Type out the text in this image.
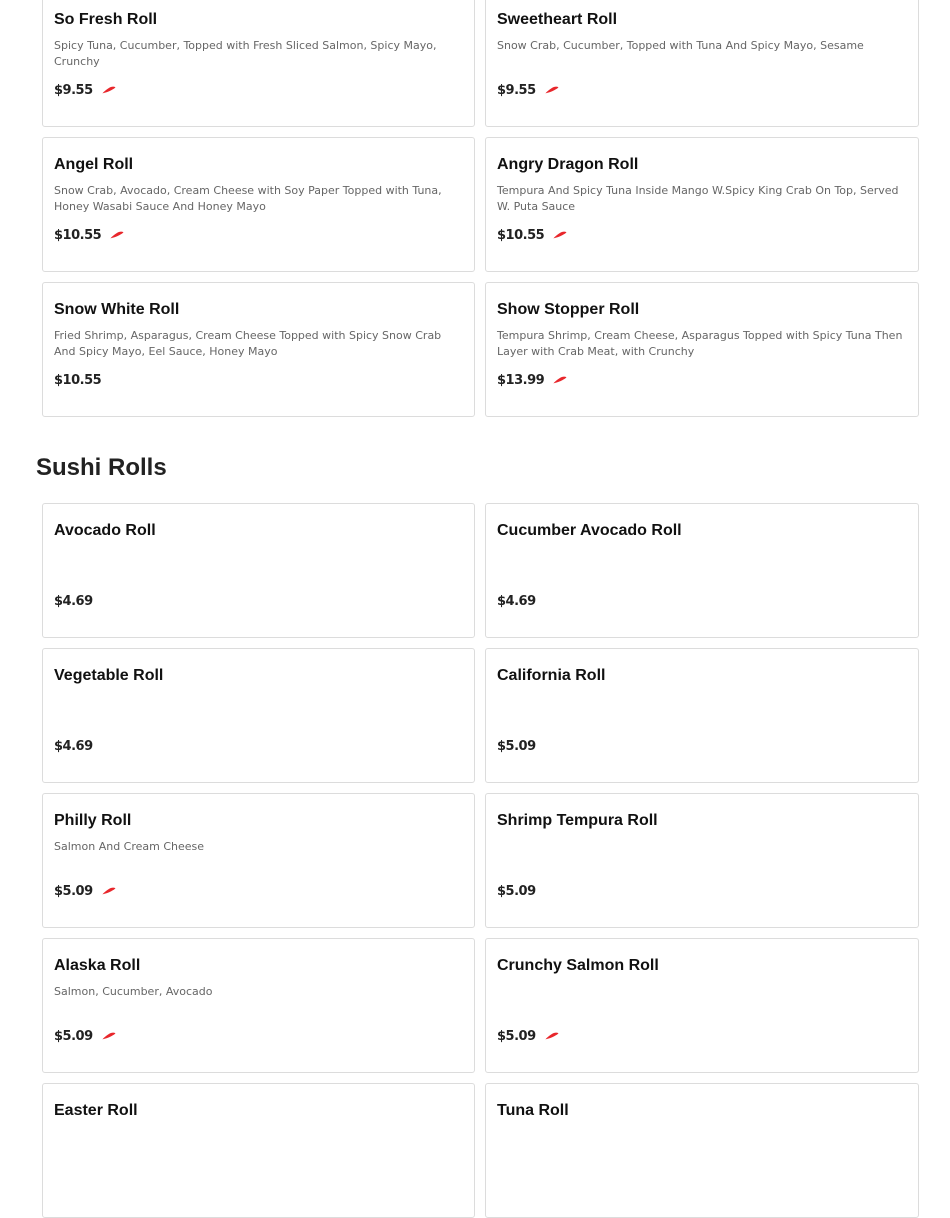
So Fresh Roll
Spicy Tuna, Cucumber, Topped with Fresh Sliced Salmon, Spicy Mayo, Crunchy
$9.55
Sweetheart Roll
Snow Crab, Cucumber, Topped with Tuna And Spicy Mayo, Sesame
$9.55
Angel Roll
Snow Crab, Avocado, Cream Cheese with Soy Paper Topped with Tuna, Honey Wasabi Sauce And Honey Mayo
$10.55
Angry Dragon Roll
Tempura And Spicy Tuna Inside Mango W.Spicy King Crab On Top, Served W. Puta Sauce
$10.55
Snow White Roll
Fried Shrimp, Asparagus, Cream Cheese Topped with Spicy Snow Crab And Spicy Mayo, Eel Sauce, Honey Mayo
$10.55
Show Stopper Roll
Tempura Shrimp, Cream Cheese, Asparagus Topped with Spicy Tuna Then Layer with Crab Meat, with Crunchy
$13.99
Sushi Rolls
Avocado Roll
$4.69
Cucumber Avocado Roll
$4.69
Vegetable Roll
$4.69
California Roll
$5.09
Philly Roll
Salmon And Cream Cheese
$5.09
Shrimp Tempura Roll
$5.09
Alaska Roll
Salmon, Cucumber, Avocado
$5.09
Crunchy Salmon Roll
$5.09
Easter Roll	Tuna Roll
